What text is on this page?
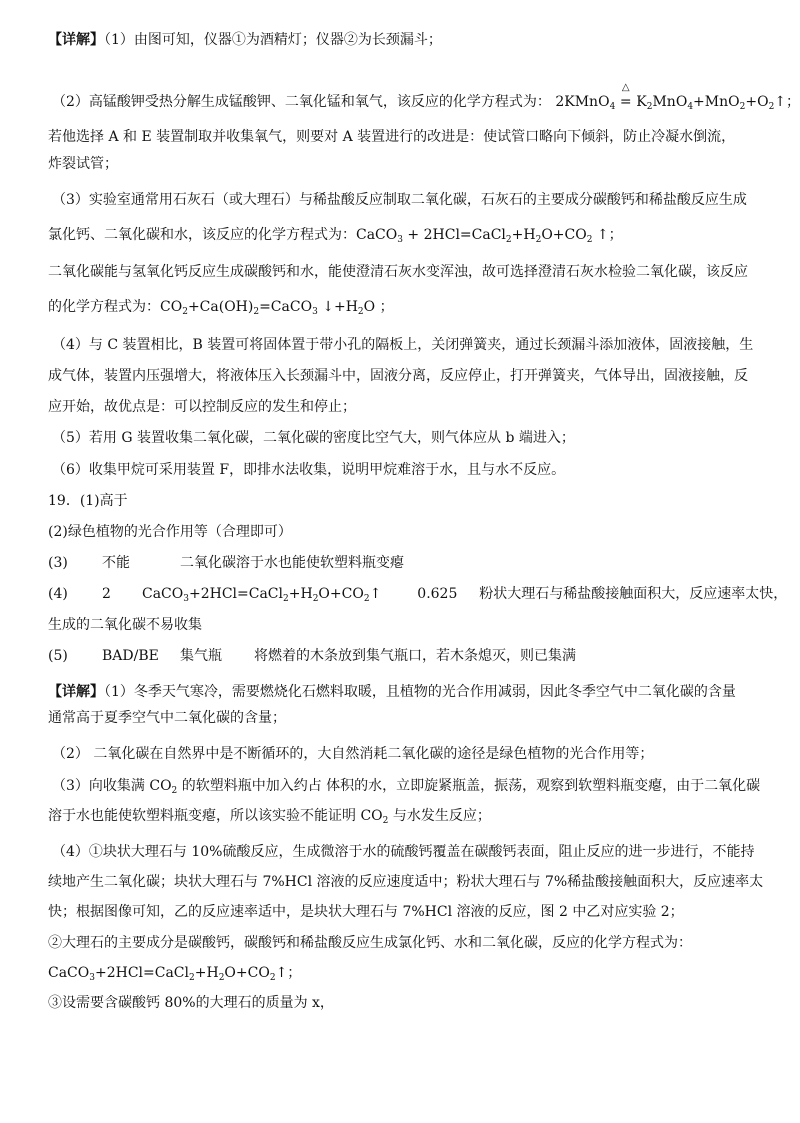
【详解】（1）由图可知，仪器①为酒精灯；仪器②为长颈漏斗；
（2）高锰酸钾受热分解生成锰酸钾、二氧化锰和氧气，该反应的化学方程式为： 2KMnO$_4$
△
 = $K_2MnO_4+MnO_2+O_2↑$；
若他选择 A 和 E 装置制取并收集氧气，则要对 A 装置进行的改进是：使试管口略向下倾斜，防止冷凝水倒流，
炸裂试管；
（3）实验室通常用石灰石（或大理石）与稀盐酸反应制取二氧化碳，石灰石的主要成分碳酸钙和稀盐酸反应生成
氯化钙、二氧化碳和水，该反应的化学方程式为：CaCO$_3$ + $2HCl=CaCl_2+H_2O+CO_2$ ↑；
二氧化碳能与氢氧化钙反应生成碳酸钙和水，能使澄清石灰水变浑浊，故可选择澄清石灰水检验二氧化碳，该反应
的化学方程式为：$CO_2+Ca(OH)_2=CaCO_3$ $↓+H_2O$ ；
（4）与 C 装置相比，B 装置可将固体置于带小孔的隔板上，关闭弹簧夹，通过长颈漏斗添加液体，固液接触，生
成气体，装置内压强增大，将液体压入长颈漏斗中，固液分离，反应停止，打开弹簧夹，气体导出，固液接触，反
应开始，故优点是：可以控制反应的发生和停止；
（5）若用 G 装置收集二氧化碳，二氧化碳的密度比空气大，则气体应从 b 端进入；
（6）收集甲烷可采用装置 F，即排水法收集，说明甲烷难溶于水，且与水不反应。
19．(1)高于
(2)绿色植物的光合作用等（合理即可）
(3) 不能	二氧化碳溶于水也能使软塑料瓶变瘪
(4) 2 $CaCO_3+2HCl=CaCl_2+H_2O+CO_2↑$	0.625 粉状大理石与稀盐酸接触面积大，反应速率太快，
生成的二氧化碳不易收集
(5) BAD/BE 集气瓶 将燃着的木条放到集气瓶口，若木条熄灭，则已集满
【详解】（1）冬季天气寒冷，需要燃烧化石燃料取暖，且植物的光合作用减弱，因此冬季空气中二氧化碳的含量
通常高于夏季空气中二氧化碳的含量；
（2） 二氧化碳在自然界中是不断循环的，大自然消耗二氧化碳的途径是绿色植物的光合作用等；
（3）向收集满 $CO_2$ 的软塑料瓶中加入约占 体积的水，立即旋紧瓶盖，振荡，观察到软塑料瓶变瘪，由于二氧化碳
溶于水也能使软塑料瓶变瘪，所以该实验不能证明 $CO_2$ 与水发生反应；
（4）①块状大理石与 10%硫酸反应，生成微溶于水的硫酸钙覆盖在碳酸钙表面，阻止反应的进一步进行，不能持
续地产生二氧化碳；块状大理石与 7%HCl 溶液的反应速度适中；粉状大理石与 7%稀盐酸接触面积大，反应速率太
快；根据图像可知，乙的反应速率适中，是块状大理石与 7%HCl 溶液的反应，图 2 中乙对应实验 2；
②大理石的主要成分是碳酸钙，碳酸钙和稀盐酸反应生成氯化钙、水和二氧化碳，反应的化学方程式为：
$CaCO_3+2HCl=CaCl_2+H_2O+CO_2↑$；
③设需要含碳酸钙 80%的大理石的质量为 x，
